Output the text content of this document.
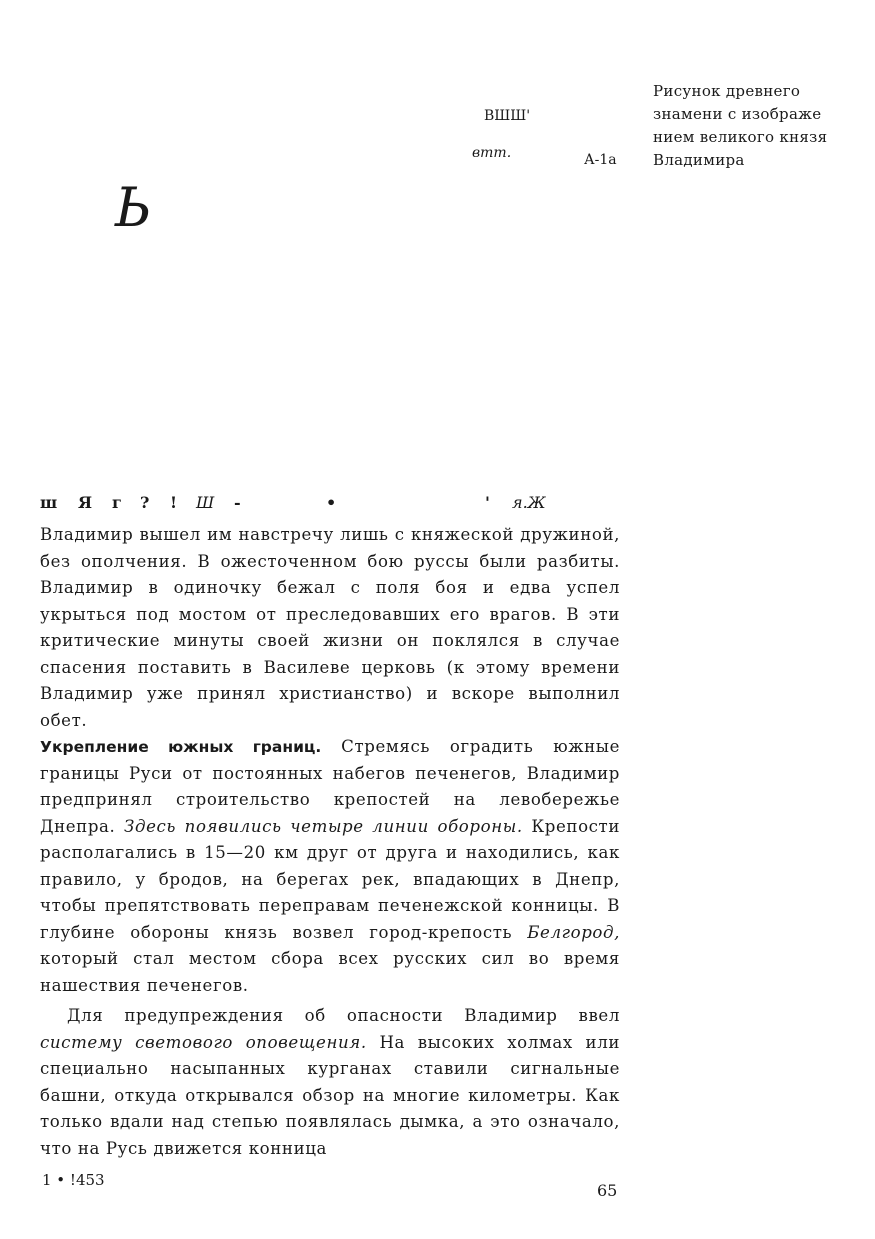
Рисунок древнего
знамени с изображе
нием великого князя
Владимира
ВШШ'
втт.	А-1а
Ь
ш Я г ? ! Ш -	•	' я.Ж

Владимир вышел им навстречу лишь с княжеской дружиной, без ополчения. В ожесточенном бою руссы были разбиты. Владимир в одиночку бежал с поля боя и едва успел укрыться под мостом от преследовавших его врагов. В эти критические минуты своей жизни он поклялся в случае спасения поставить в Василеве церковь (к этому времени Владимир уже принял христианство) и вскоре выполнил обет.

Укрепление южных границ. Стремясь оградить южные границы Руси от постоянных набегов печенегов, Владимир предпринял строительство крепостей на левобережье Днепра. Здесь появились четыре линии обороны. Крепости располагались в 15—20 км друг от друга и находились, как правило, у бродов, на берегах рек, впадающих в Днепр, чтобы препятствовать переправам печенежской конницы. В глубине обороны князь возвел город-крепость Белгород, который стал местом сбора всех русских сил во время нашествия печенегов.

Для предупреждения об опасности Владимир ввел систему светового оповещения. На высоких холмах или специально насыпанных курганах ставили сигнальные башни, откуда открывался обзор на многие километры. Как только вдали над степью появлялась дымка, а это означало, что на Русь движется конница

1 • !453
65
